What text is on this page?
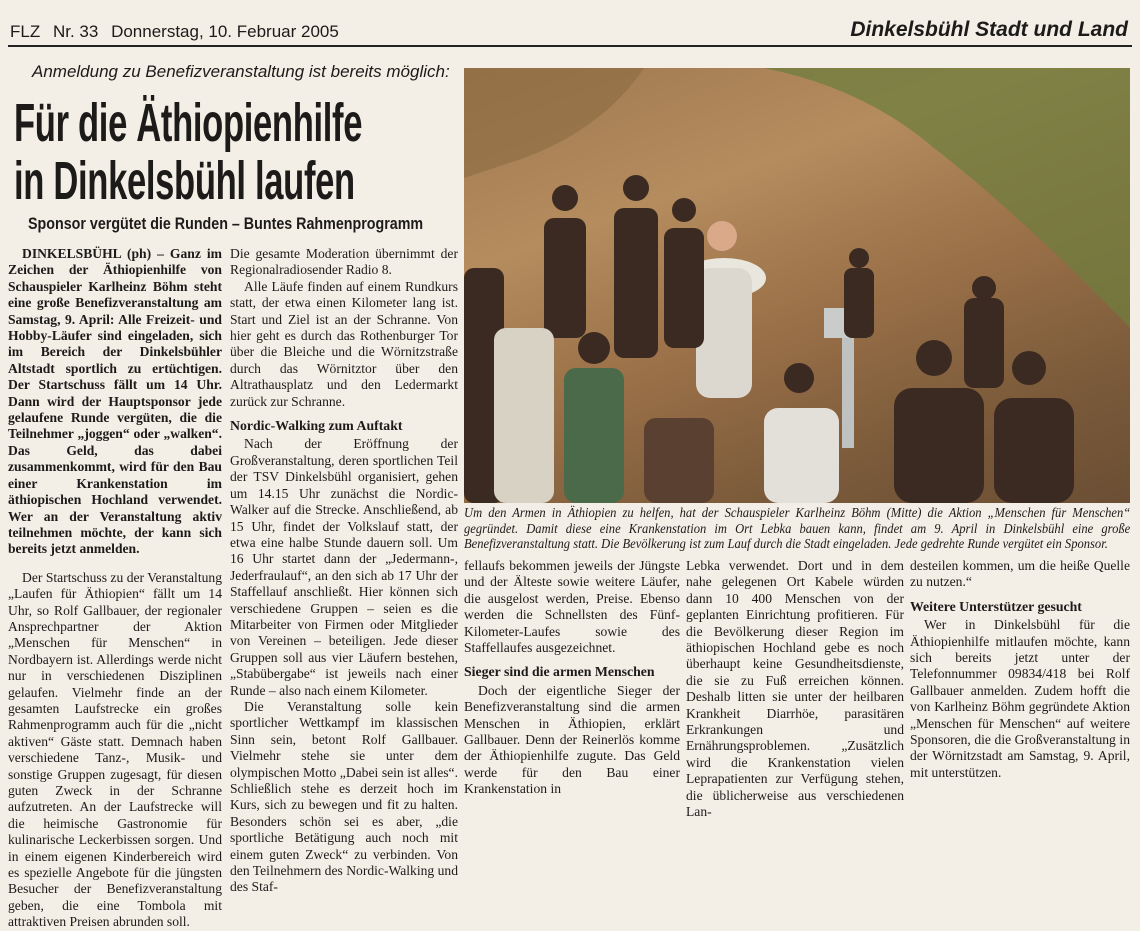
FLZ Nr. 33 Donnerstag, 10. Februar 2005	Dinkelsbühl Stadt und Land
Anmeldung zu Benefizveranstaltung ist bereits möglich:
Für die Äthiopienhilfe
in Dinkelsbühl laufen
Sponsor vergütet die Runden – Buntes Rahmenprogramm

DINKELSBÜHL (ph) – Ganz im Zeichen der Äthiopienhilfe von Schauspieler Karlheinz Böhm steht eine große Benefizveranstaltung am Samstag, 9. April: Alle Freizeit- und Hobby-Läufer sind eingeladen, sich im Bereich der Dinkelsbühler Altstadt sportlich zu ertüchtigen. Der Startschuss fällt um 14 Uhr. Dann wird der Hauptsponsor jede gelaufene Runde vergüten, die die Teilnehmer „joggen“ oder „walken“. Das Geld, das dabei zusammenkommt, wird für den Bau einer Krankenstation im äthiopischen Hochland verwendet. Wer an der Veranstaltung aktiv teilnehmen möchte, der kann sich bereits jetzt anmelden.

Der Startschuss zu der Veranstaltung „Laufen für Äthiopien“ fällt um 14 Uhr, so Rolf Gallbauer, der regionaler Ansprechpartner der Aktion „Menschen für Menschen“ in Nordbayern ist. Allerdings werde nicht nur in verschiedenen Disziplinen gelaufen. Vielmehr finde an der gesamten Laufstrecke ein großes Rahmenprogramm auch für die „nicht aktiven“ Gäste statt. Demnach haben verschiedene Tanz-, Musik- und sonstige Gruppen zugesagt, für diesen guten Zweck in der Schranne aufzutreten. An der Laufstrecke will die heimische Gastronomie für kulinarische Leckerbissen sorgen. Und in einem eigenen Kinderbereich wird es spezielle Angebote für die jüngsten Besucher der Benefizveranstaltung geben, die eine Tombola mit attraktiven Preisen abrunden soll.

Die gesamte Moderation übernimmt der Regionalradiosender Radio 8.

Alle Läufe finden auf einem Rundkurs statt, der etwa einen Kilometer lang ist. Start und Ziel ist an der Schranne. Von hier geht es durch das Rothenburger Tor über die Bleiche und die Wörnitzstraße durch das Wörnitztor über den Altrathausplatz und den Ledermarkt zurück zur Schranne.

Nordic-Walking zum Auftakt

Nach der Eröffnung der Großveranstaltung, deren sportlichen Teil der TSV Dinkelsbühl organisiert, gehen um 14.15 Uhr zunächst die Nordic-Walker auf die Strecke. Anschließend, ab 15 Uhr, findet der Volkslauf statt, der etwa eine halbe Stunde dauern soll. Um 16 Uhr startet dann der „Jedermann-, Jederfraulauf“, an den sich ab 17 Uhr der Staffellauf anschließt. Hier können sich verschiedene Gruppen – seien es die Mitarbeiter von Firmen oder Mitglieder von Vereinen – beteiligen. Jede dieser Gruppen soll aus vier Läufern bestehen, „Stabübergabe“ ist jeweils nach einer Runde – also nach einem Kilometer.

Die Veranstaltung solle kein sportlicher Wettkampf im klassischen Sinn sein, betont Rolf Gallbauer. Vielmehr stehe sie unter dem olympischen Motto „Dabei sein ist alles“. Schließlich stehe es derzeit hoch im Kurs, sich zu bewegen und fit zu halten. Besonders schön sei es aber, „die sportliche Betätigung auch noch mit einem guten Zweck“ zu verbinden. Von den Teilnehmern des Nordic-Walking und des Staf-

Um den Armen in Äthiopien zu helfen, hat der Schauspieler Karlheinz Böhm (Mitte) die Aktion „Menschen für Menschen“ gegründet. Damit diese eine Krankenstation im Ort Lebka bauen kann, findet am 9. April in Dinkelsbühl eine große Benefizveranstaltung statt. Die Bevölkerung ist zum Lauf durch die Stadt eingeladen. Jede gedrehte Runde vergütet ein Sponsor.

fellaufs bekommen jeweils der Jüngste und der Älteste sowie weitere Läufer, die ausgelost werden, Preise. Ebenso werden die Schnellsten des Fünf-Kilometer-Laufes sowie des Staffellaufes ausgezeichnet.

Sieger sind die armen Menschen

Doch der eigentliche Sieger der Benefizveranstaltung sind die armen Menschen in Äthiopien, erklärt Gallbauer. Denn der Reinerlös komme der Äthiopienhilfe zugute. Das Geld werde für den Bau einer Krankenstation in

Lebka verwendet. Dort und in dem nahe gelegenen Ort Kabele würden dann 10 400 Menschen von der geplanten Einrichtung profitieren. Für die Bevölkerung dieser Region im äthiopischen Hochland gebe es noch überhaupt keine Gesundheitsdienste, die sie zu Fuß erreichen können. Deshalb litten sie unter der heilbaren Krankheit Diarrhöe, parasitären Erkrankungen und Ernährungsproblemen. „Zusätzlich wird die Krankenstation vielen Leprapatienten zur Verfügung stehen, die üblicherweise aus verschiedenen Lan-

desteilen kommen, um die heiße Quelle zu nutzen.“

Weitere Unterstützer gesucht

Wer in Dinkelsbühl für die Äthiopienhilfe mitlaufen möchte, kann sich bereits jetzt unter der Telefonnummer 09834/418 bei Rolf Gallbauer anmelden. Zudem hofft die von Karlheinz Böhm gegründete Aktion „Menschen für Menschen“ auf weitere Sponsoren, die die Großveranstaltung in der Wörnitzstadt am Samstag, 9. April, mit unterstützen.
